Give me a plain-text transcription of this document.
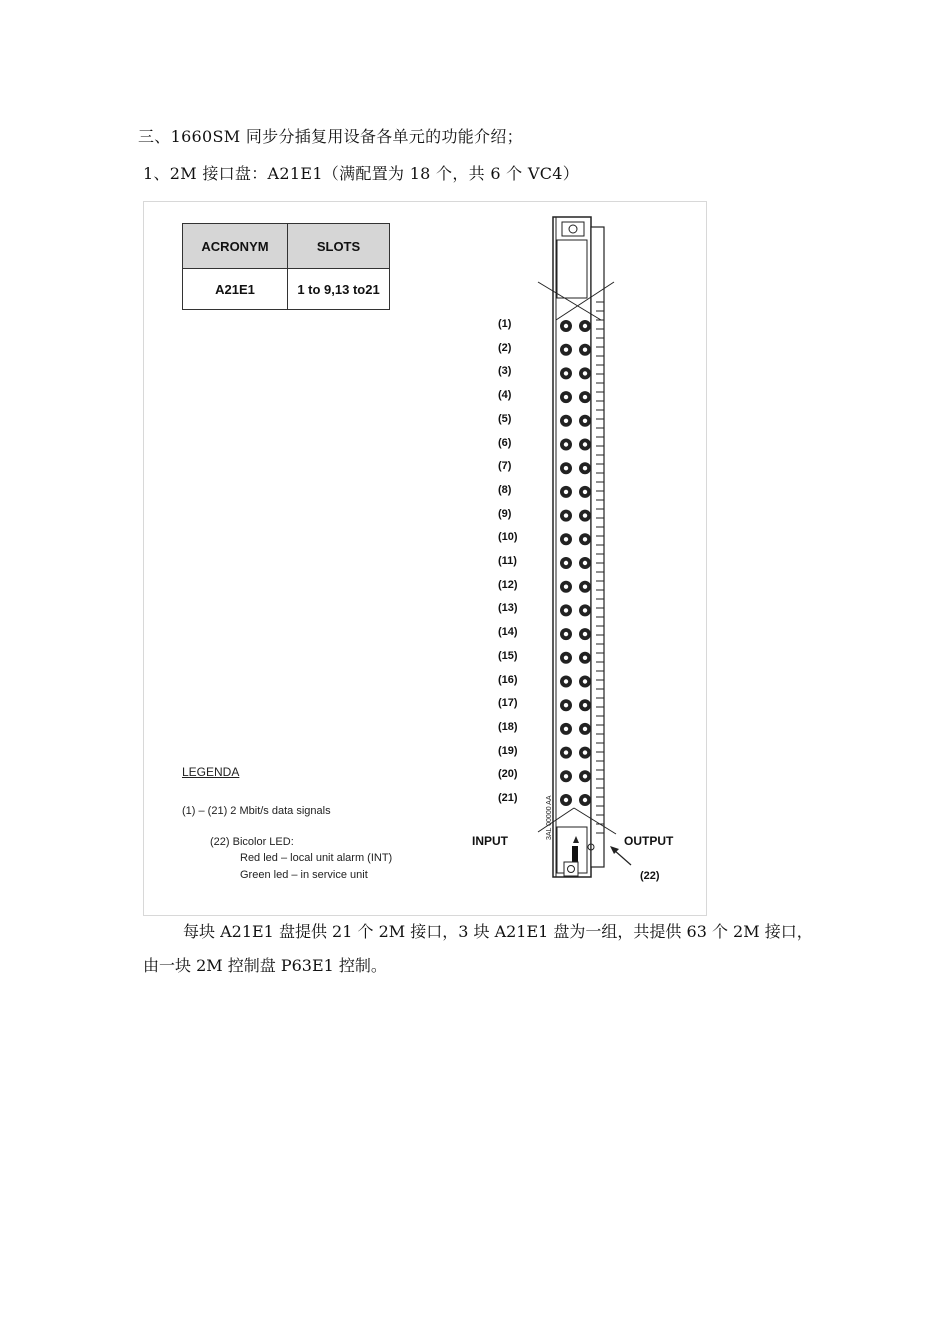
三、1660SM 同步分插复用设备各单元的功能介绍；
1、2M 接口盘：A21E1（满配置为 18 个，共 6 个 VC4）
ACRONYM	SLOTS
A21E1	1 to 9,13 to21
(1)
(2)
(3)
(4)
(5)
(6)
(7)
(8)
(9)
(10)
(11)
(12)
(13)
(14)
(15)
(16)
(17)
(18)
(19)
(20)
(21)
INPUT	OUTPUT
(22)
LEGENDA
(1) – (21) 2 Mbit/s data signals
(22) Bicolor LED:
Red led – local unit alarm (INT)
Green led – in service unit
3AL 00000 AA
每块 A21E1 盘提供 21 个 2M 接口，3 块 A21E1 盘为一组，共提供 63 个 2M 接口，由一块 2M 控制盘 P63E1 控制。
